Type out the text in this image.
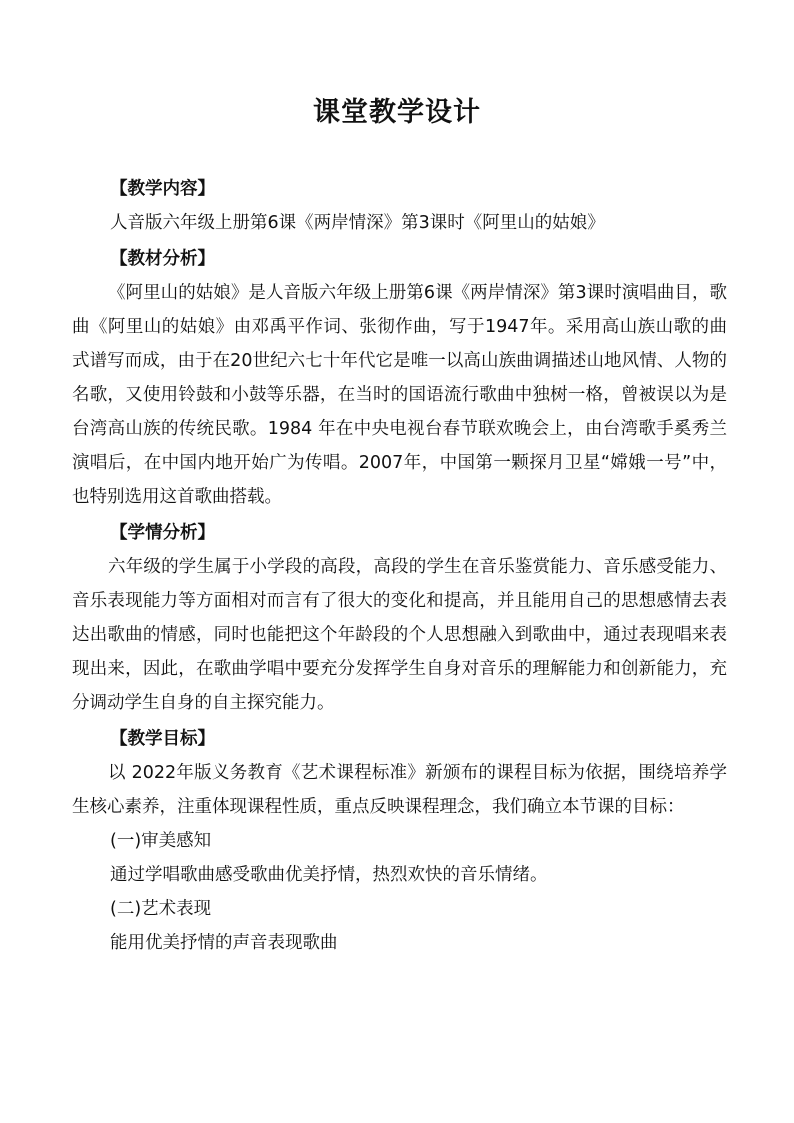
课堂教学设计
【教学内容】
人音版六年级上册第6课《两岸情深》第3课时《阿里山的姑娘》
【教材分析】

《阿里山的姑娘》是人音版六年级上册第6课《两岸情深》第3课时演唱曲目，歌曲《阿里山的姑娘》由邓禹平作词、张彻作曲，写于1947年。采用高山族山歌的曲式谱写而成，由于在20世纪六七十年代它是唯一以高山族曲调描述山地风情、人物的名歌，又使用铃鼓和小鼓等乐器，在当时的国语流行歌曲中独树一格，曾被误以为是台湾高山族的传统民歌。1984 年在中央电视台春节联欢晚会上，由台湾歌手奚秀兰演唱后，在中国内地开始广为传唱。2007年，中国第一颗探月卫星“嫦娥一号”中，也特别选用这首歌曲搭载。

【学情分析】

六年级的学生属于小学段的高段，高段的学生在音乐鉴赏能力、音乐感受能力、音乐表现能力等方面相对而言有了很大的变化和提高，并且能用自己的思想感情去表达出歌曲的情感，同时也能把这个年龄段的个人思想融入到歌曲中，通过表现唱来表现出来，因此，在歌曲学唱中要充分发挥学生自身对音乐的理解能力和创新能力，充分调动学生自身的自主探究能力。

【教学目标】

以 2022年版义务教育《艺术课程标准》新颁布的课程目标为依据，围绕培养学生核心素养，注重体现课程性质，重点反映课程理念，我们确立本节课的目标：

(一)审美感知
通过学唱歌曲感受歌曲优美抒情，热烈欢快的音乐情绪。
(二)艺术表现
能用优美抒情的声音表现歌曲
